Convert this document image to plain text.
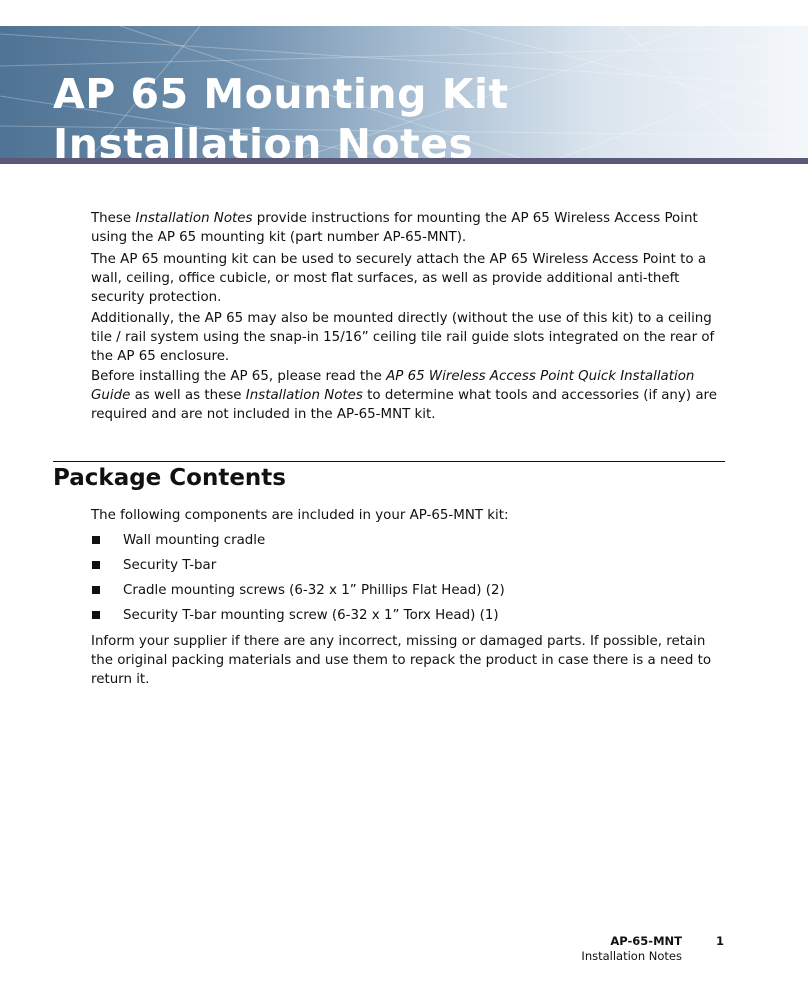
AP 65 Mounting Kit
Installation Notes

These Installation Notes provide instructions for mounting the AP 65 Wireless Access Point using the AP 65 mounting kit (part number AP-65-MNT).

The AP 65 mounting kit can be used to securely attach the AP 65 Wireless Access Point to a wall, ceiling, office cubicle, or most flat surfaces, as well as provide additional anti-theft security protection.

Additionally, the AP 65 may also be mounted directly (without the use of this kit) to a ceiling tile / rail system using the snap-in 15/16” ceiling tile rail guide slots integrated on the rear of the AP 65 enclosure.

Before installing the AP 65, please read the AP 65 Wireless Access Point Quick Installation Guide as well as these Installation Notes to determine what tools and accessories (if any) are required and are not included in the AP-65-MNT kit.

Package Contents

The following components are included in your AP-65-MNT kit:

Wall mounting cradle
Security T-bar
Cradle mounting screws (6-32 x 1” Phillips Flat Head) (2)
Security T-bar mounting screw (6-32 x 1” Torx Head) (1)

Inform your supplier if there are any incorrect, missing or damaged parts. If possible, retain the original packing materials and use them to repack the product in case there is a need to return it.

AP-65-MNT
Installation Notes
1
